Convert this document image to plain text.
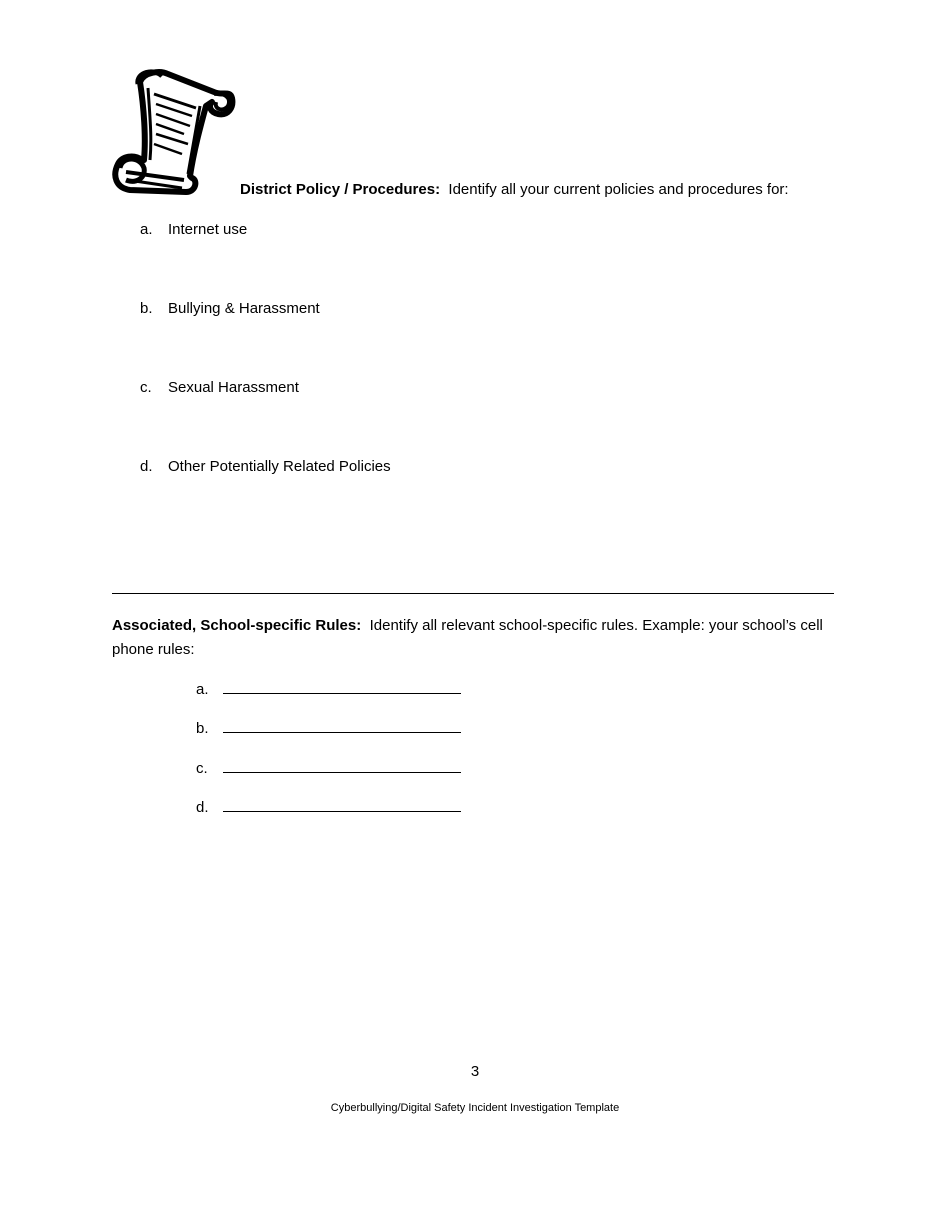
District Policy / Procedures: Identify all your current policies and procedures for:
a. Internet use
b. Bullying & Harassment
c. Sexual Harassment
d. Other Potentially Related Policies
Associated, School-specific Rules: Identify all relevant school-specific rules. Example: your school’s cell phone rules:
a.
b.
c.
d.
3
Cyberbullying/Digital Safety Incident Investigation Template
